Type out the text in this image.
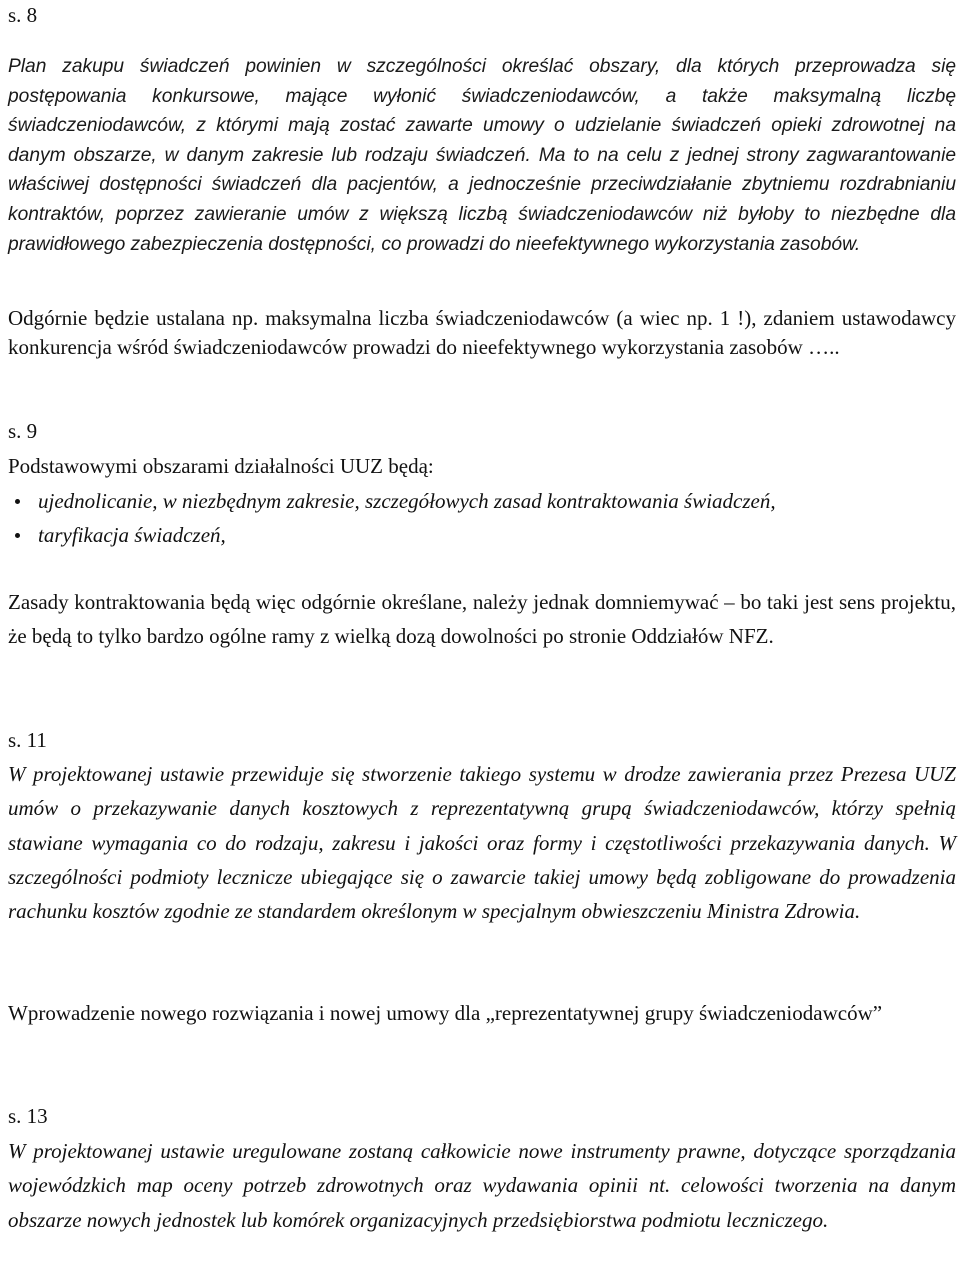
s. 8

Plan zakupu świadczeń powinien w szczególności określać obszary, dla których przeprowadza się postępowania konkursowe, mające wyłonić świadczeniodawców, a także maksymalną liczbę świadczeniodawców, z którymi mają zostać zawarte umowy o udzielanie świadczeń opieki zdrowotnej na danym obszarze, w danym zakresie lub rodzaju świadczeń. Ma to na celu z jednej strony zagwarantowanie właściwej dostępności świadczeń dla pacjentów, a jednocześnie przeciwdziałanie zbytniemu rozdrabnianiu kontraktów, poprzez zawieranie umów z większą liczbą świadczeniodawców niż byłoby to niezbędne dla prawidłowego zabezpieczenia dostępności, co prowadzi do nieefektywnego wykorzystania zasobów.

Odgórnie będzie ustalana np. maksymalna liczba świadczeniodawców (a wiec np. 1 !), zdaniem ustawodawcy konkurencja wśród świadczeniodawców prowadzi do nieefektywnego wykorzystania zasobów …..

s. 9

Podstawowymi obszarami działalności UUZ będą:

ujednolicanie, w niezbędnym zakresie, szczegółowych zasad kontraktowania świadczeń,
taryfikacja świadczeń,

Zasady kontraktowania będą więc odgórnie określane, należy jednak domniemywać – bo taki jest sens projektu, że będą to tylko bardzo ogólne ramy z wielką dozą dowolności po stronie Oddziałów NFZ.

s. 11

W projektowanej ustawie przewiduje się stworzenie takiego systemu w drodze zawierania przez Prezesa UUZ umów o przekazywanie danych kosztowych z reprezentatywną grupą świadczeniodawców, którzy spełnią stawiane wymagania co do rodzaju, zakresu i jakości oraz formy i częstotliwości przekazywania danych. W szczególności podmioty lecznicze ubiegające się o zawarcie takiej umowy będą zobligowane do prowadzenia rachunku kosztów zgodnie ze standardem określonym w specjalnym obwieszczeniu Ministra Zdrowia.

Wprowadzenie nowego rozwiązania i nowej umowy dla „reprezentatywnej grupy świadczeniodawców”

s. 13

W projektowanej ustawie uregulowane zostaną całkowicie nowe instrumenty prawne, dotyczące sporządzania wojewódzkich map oceny potrzeb zdrowotnych oraz wydawania opinii nt. celowości tworzenia na danym obszarze nowych jednostek lub komórek organizacyjnych przedsiębiorstwa podmiotu leczniczego.
